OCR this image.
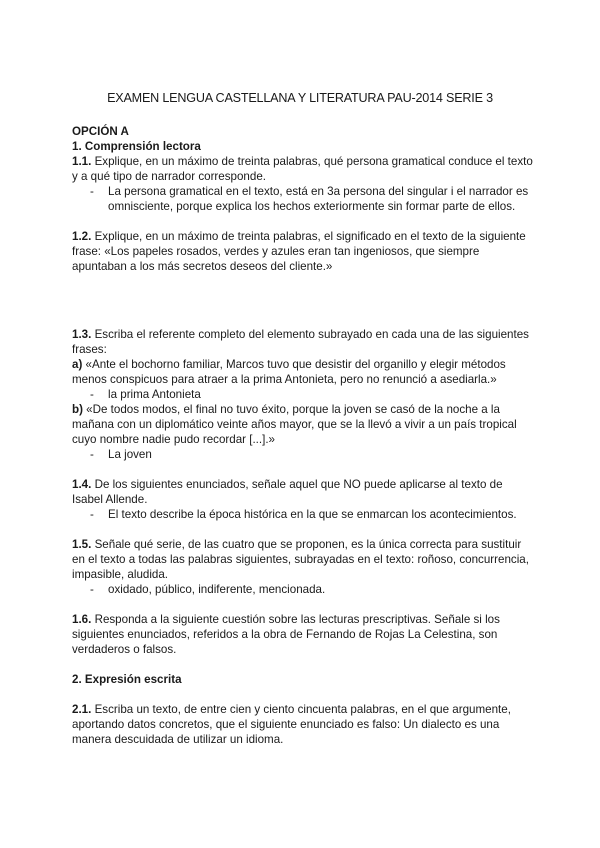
EXAMEN LENGUA CASTELLANA Y LITERATURA PAU-2014 SERIE 3

OPCIÓN A

1. Comprensión lectora

1.1. Explique, en un máximo de treinta palabras, qué persona gramatical conduce el texto y a qué tipo de narrador corresponde.

-	La persona gramatical en el texto, está en 3a persona del singular i el narrador es omnisciente, porque explica los hechos exteriormente sin formar parte de ellos.

1.2. Explique, en un máximo de treinta palabras, el significado en el texto de la siguiente frase: «Los papeles rosados, verdes y azules eran tan ingeniosos, que siempre apuntaban a los más secretos deseos del cliente.»

1.3. Escriba el referente completo del elemento subrayado en cada una de las siguientes frases:

a) «Ante el bochorno familiar, Marcos tuvo que desistir del organillo y elegir métodos menos conspicuos para atraer a la prima Antonieta, pero no renunció a asediarla.»

-	la prima Antonieta

b) «De todos modos, el final no tuvo éxito, porque la joven se casó de la noche a la mañana con un diplomático veinte años mayor, que se la llevó a vivir a un país tropical cuyo nombre nadie pudo recordar [...].»

-	La joven

1.4. De los siguientes enunciados, señale aquel que NO puede aplicarse al texto de Isabel Allende.

-	El texto describe la época histórica en la que se enmarcan los acontecimientos.

1.5. Señale qué serie, de las cuatro que se proponen, es la única correcta para sustituir en el texto a todas las palabras siguientes, subrayadas en el texto: roñoso, concurrencia, impasible, aludida.

-	oxidado, público, indiferente, mencionada.

1.6. Responda a la siguiente cuestión sobre las lecturas prescriptivas. Señale si los siguientes enunciados, referidos a la obra de Fernando de Rojas La Celestina, son verdaderos o falsos.

2. Expresión escrita

2.1. Escriba un texto, de entre cien y ciento cincuenta palabras, en el que argumente, aportando datos concretos, que el siguiente enunciado es falso: Un dialecto es una manera descuidada de utilizar un idioma.
